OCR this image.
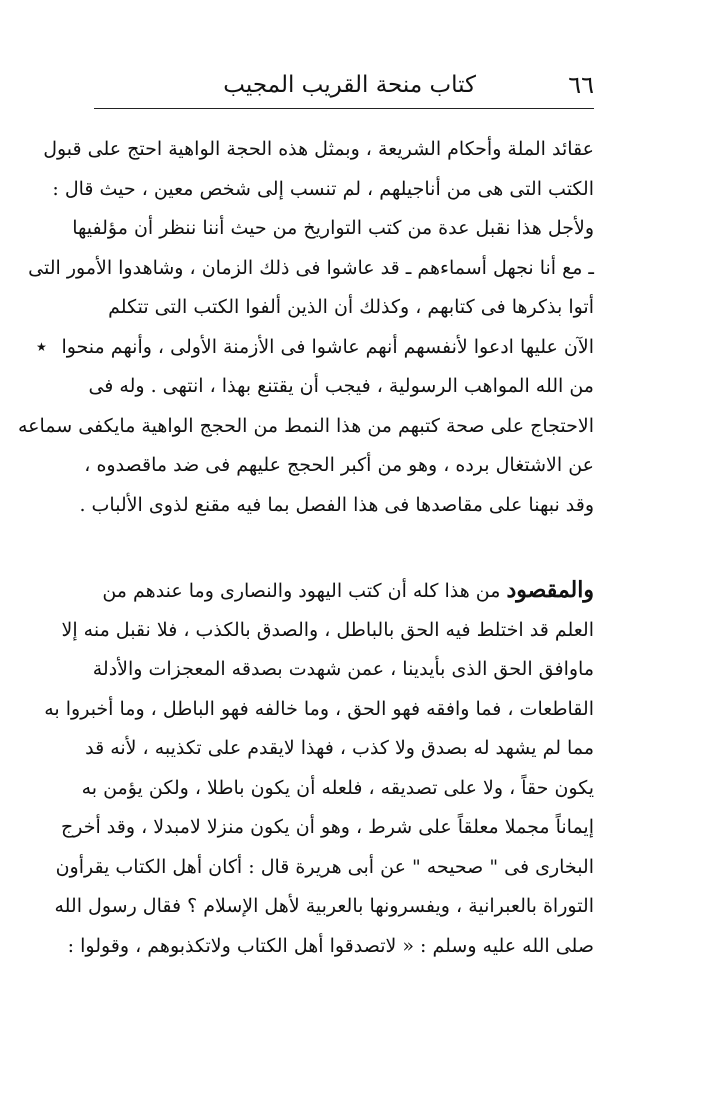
٦٦
كتاب منحة القريب المجيب
٭
عقائد الملة وأحكام الشريعة ، وبمثل هذه الحجة الواهية احتج على قبول
الكتب التى هى من أناجيلهم ، لم تنسب إلى شخص معين ، حيث قال :
ولأجل هذا نقبل عدة من كتب التواريخ من حيث أننا ننظر أن مؤلفيها
ـ مع أنا نجهل أسماءهم ـ قد عاشوا فى ذلك الزمان ، وشاهدوا الأمور التى
أتوا بذكرها فى كتابهم ، وكذلك أن الذين ألفوا الكتب التى تتكلم
الآن عليها ادعوا لأنفسهم أنهم عاشوا فى الأزمنة الأولى ، وأنهم منحوا
من الله المواهب الرسولية ، فيجب أن يقتنع بهذا ، انتهى . وله فى
الاحتجاج على صحة كتبهم من هذا النمط من الحجج الواهية مايكفى سماعه
عن الاشتغال برده ، وهو من أكبر الحجج عليهم فى ضد ماقصدوه ،
وقد نبهنا على مقاصدها فى هذا الفصل بما فيه مقنع لذوى الألباب .
والمقصود من هذا كله أن كتب اليهود والنصارى وما عندهم من
العلم قد اختلط فيه الحق بالباطل ، والصدق بالكذب ، فلا نقبل منه إلا
ماوافق الحق الذى بأيدينا ، عمن شهدت بصدقه المعجزات والأدلة
القاطعات ، فما وافقه فهو الحق ، وما خالفه فهو الباطل ، وما أخبروا به
مما لم يشهد له بصدق ولا كذب ، فهذا لايقدم على تكذيبه ، لأنه قد
يكون حقاً ، ولا على تصديقه ، فلعله أن يكون باطلا ، ولكن يؤمن به
إيماناً مجملا معلقاً على شرط ، وهو أن يكون منزلا لامبدلا ، وقد أخرج
البخارى فى " صحيحه " عن أبى هريرة قال : أكان أهل الكتاب يقرأون
التوراة بالعبرانية ، ويفسرونها بالعربية لأهل الإسلام ؟ فقال رسول الله
صلى الله عليه وسلم : « لاتصدقوا أهل الكتاب ولاتكذبوهم ، وقولوا :
